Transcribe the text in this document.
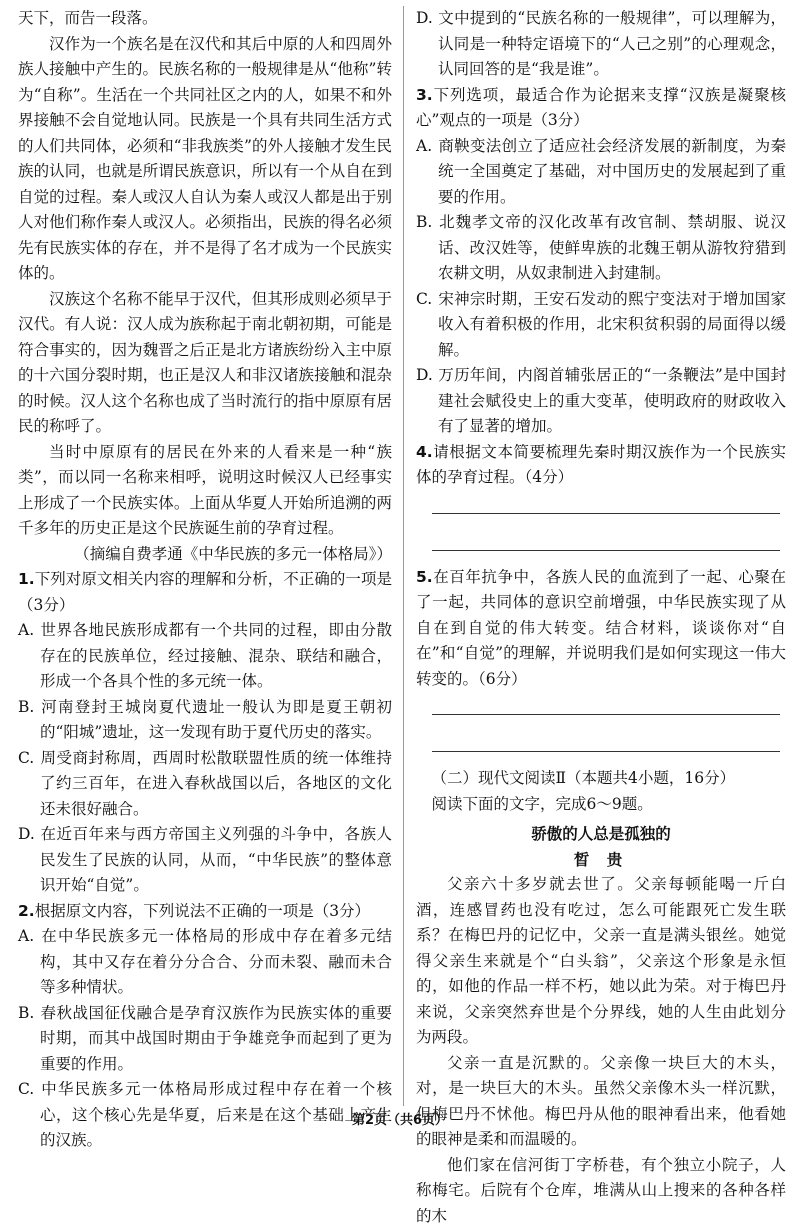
天下，而告一段落。

汉作为一个族名是在汉代和其后中原的人和四周外族人接触中产生的。民族名称的一般规律是从“他称”转为“自称”。生活在一个共同社区之内的人，如果不和外界接触不会自觉地认同。民族是一个具有共同生活方式的人们共同体，必须和“非我族类”的外人接触才发生民族的认同，也就是所谓民族意识，所以有一个从自在到自觉的过程。秦人或汉人自认为秦人或汉人都是出于别人对他们称作秦人或汉人。必须指出，民族的得名必须先有民族实体的存在，并不是得了名才成为一个民族实体的。

汉族这个名称不能早于汉代，但其形成则必须早于汉代。有人说：汉人成为族称起于南北朝初期，可能是符合事实的，因为魏晋之后正是北方诸族纷纷入主中原的十六国分裂时期，也正是汉人和非汉诸族接触和混杂的时候。汉人这个名称也成了当时流行的指中原原有居民的称呼了。

当时中原原有的居民在外来的人看来是一种“族类”，而以同一名称来相呼，说明这时候汉人已经事实上形成了一个民族实体。上面从华夏人开始所追溯的两千多年的历史正是这个民族诞生前的孕育过程。

（摘编自费孝通《中华民族的多元一体格局》）

1.下列对原文相关内容的理解和分析，不正确的一项是（3分）

A. 世界各地民族形成都有一个共同的过程，即由分散存在的民族单位，经过接触、混杂、联结和融合，形成一个各具个性的多元统一体。

B. 河南登封王城岗夏代遗址一般认为即是夏王朝初的“阳城”遗址，这一发现有助于夏代历史的落实。

C. 周受商封称周，西周时松散联盟性质的统一体维持了约三百年，在进入春秋战国以后，各地区的文化还未很好融合。

D. 在近百年来与西方帝国主义列强的斗争中，各族人民发生了民族的认同，从而，“中华民族”的整体意识开始“自觉”。

2.根据原文内容，下列说法不正确的一项是（3分）

A. 在中华民族多元一体格局的形成中存在着多元结构，其中又存在着分分合合、分而未裂、融而未合等多种情状。

B. 春秋战国征伐融合是孕育汉族作为民族实体的重要时期，而其中战国时期由于争雄竞争而起到了更为重要的作用。

C. 中华民族多元一体格局形成过程中存在着一个核心，这个核心先是华夏，后来是在这个基础上产生的汉族。

D. 文中提到的“民族名称的一般规律”，可以理解为，认同是一种特定语境下的“人己之别”的心理观念，认同回答的是“我是谁”。

3.下列选项，最适合作为论据来支撑“汉族是凝聚核心”观点的一项是（3分）

A. 商鞅变法创立了适应社会经济发展的新制度，为秦统一全国奠定了基础，对中国历史的发展起到了重要的作用。

B. 北魏孝文帝的汉化改革有改官制、禁胡服、说汉话、改汉姓等，使鲜卑族的北魏王朝从游牧狩猎到农耕文明，从奴隶制进入封建制。

C. 宋神宗时期，王安石发动的熙宁变法对于增加国家收入有着积极的作用，北宋积贫积弱的局面得以缓解。

D. 万历年间，内阁首辅张居正的“一条鞭法”是中国封建社会赋役史上的重大变革，使明政府的财政收入有了显著的增加。

4.请根据文本简要梳理先秦时期汉族作为一个民族实体的孕育过程。（4分）

5.在百年抗争中，各族人民的血流到了一起、心聚在了一起，共同体的意识空前增强，中华民族实现了从自在到自觉的伟大转变。结合材料，谈谈你对“自在”和“自觉”的理解，并说明我们是如何实现这一伟大转变的。（6分）

（二）现代文阅读Ⅱ（本题共4小题，16分）

阅读下面的文字，完成6～9题。

骄傲的人总是孤独的

晳 贵

父亲六十多岁就去世了。父亲每顿能喝一斤白酒，连感冒药也没有吃过，怎么可能跟死亡发生联系？在梅巴丹的记忆中，父亲一直是满头银丝。她觉得父亲生来就是个“白头翁”，父亲这个形象是永恒的，如他的作品一样不朽，她以此为荣。对于梅巴丹来说，父亲突然弃世是个分界线，她的人生由此划分为两段。

父亲一直是沉默的。父亲像一块巨大的木头，对，是一块巨大的木头。虽然父亲像木头一样沉默，但梅巴丹不怵他。梅巴丹从他的眼神看出来，他看她的眼神是柔和而温暖的。

他们家在信河街丁字桥巷，有个独立小院子，人称梅宅。后院有个仓库，堆满从山上搜来的各种各样的木

第2页（共6页）
